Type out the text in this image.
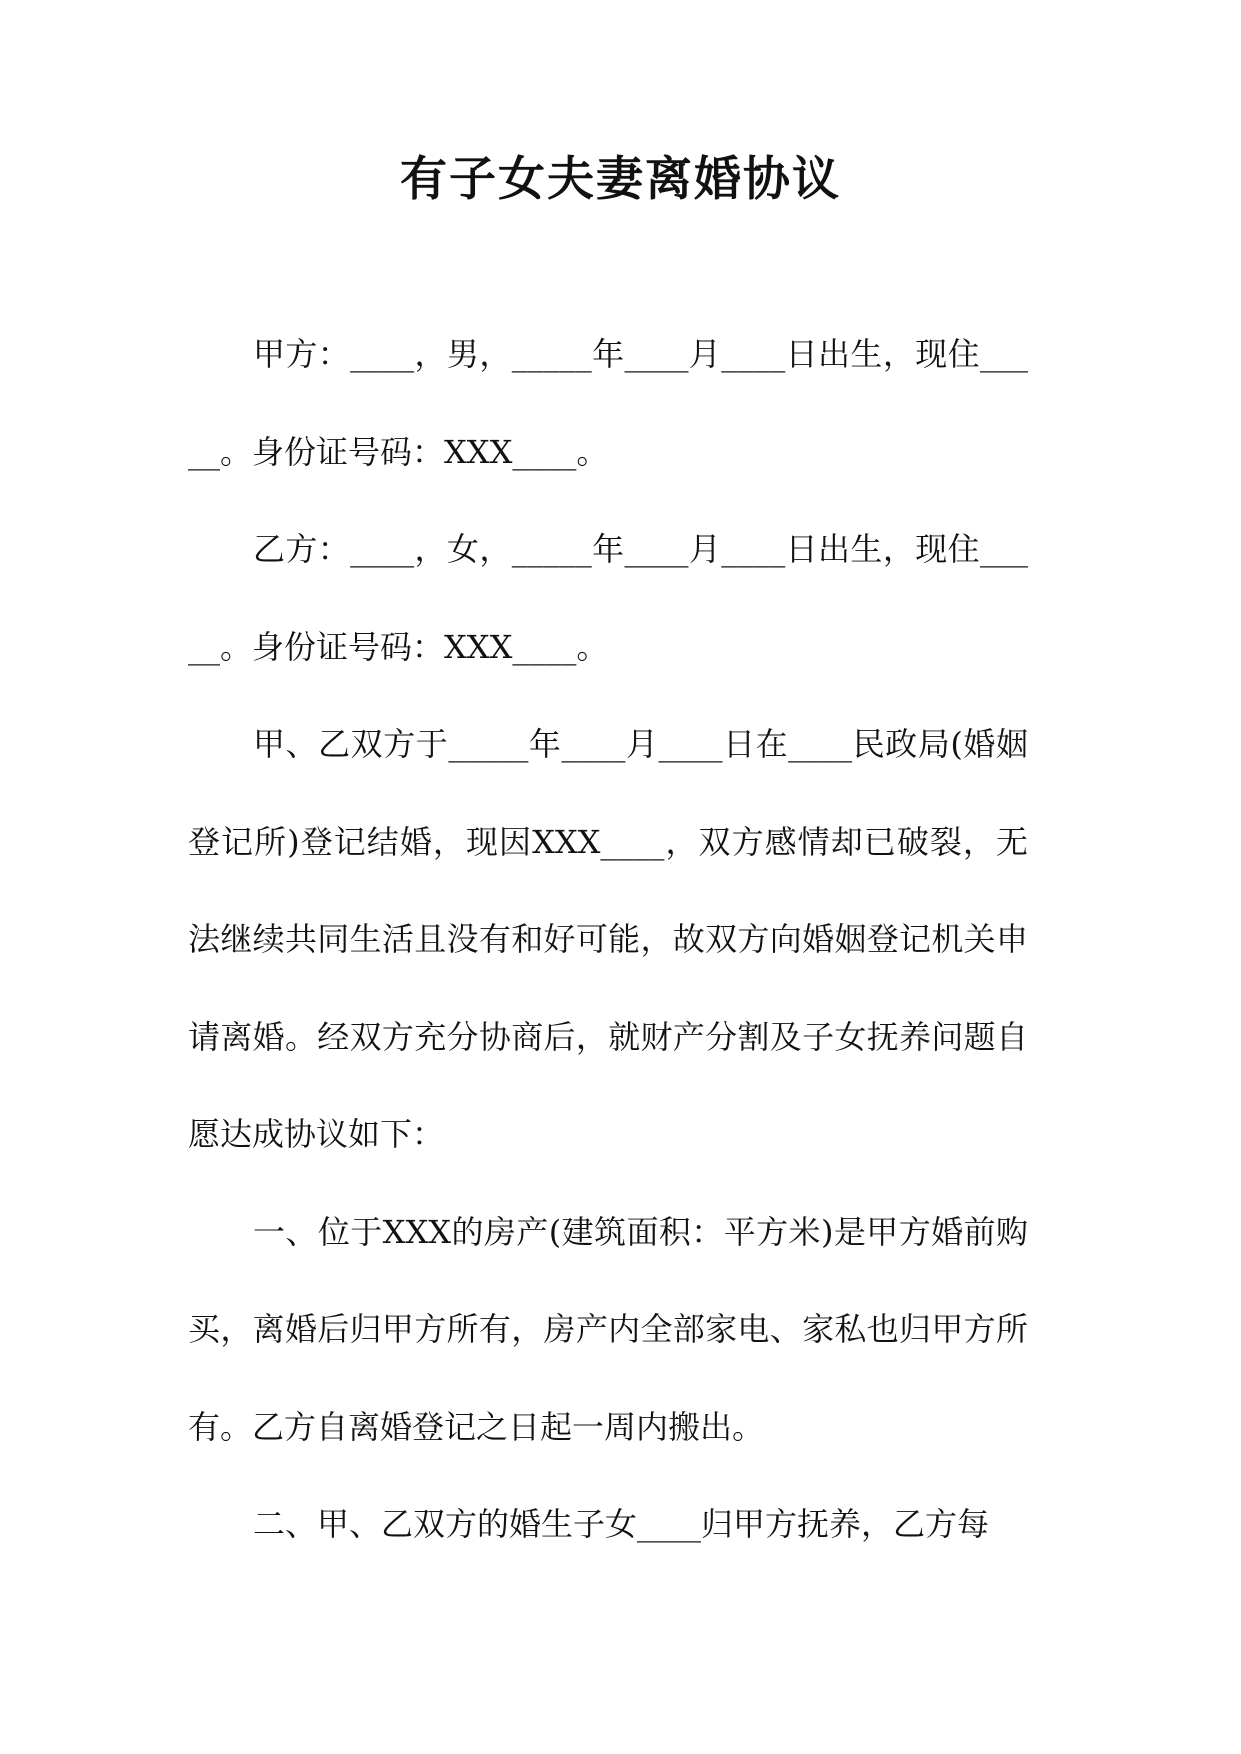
有子女夫妻离婚协议

甲方：____，男，_____年____月____日出生，现住_____。身份证号码：XXX____。

乙方：____，女，_____年____月____日出生，现住_____。身份证号码：XXX____。

甲、乙双方于_____年____月____日在____民政局(婚姻登记所)登记结婚，现因XXX____，双方感情却已破裂，无法继续共同生活且没有和好可能，故双方向婚姻登记机关申请离婚。经双方充分协商后，就财产分割及子女抚养问题自愿达成协议如下：

一、位于XXX的房产(建筑面积：平方米)是甲方婚前购买，离婚后归甲方所有，房产内全部家电、家私也归甲方所有。乙方自离婚登记之日起一周内搬出。

二、甲、乙双方的婚生子女____归甲方抚养，乙方每
